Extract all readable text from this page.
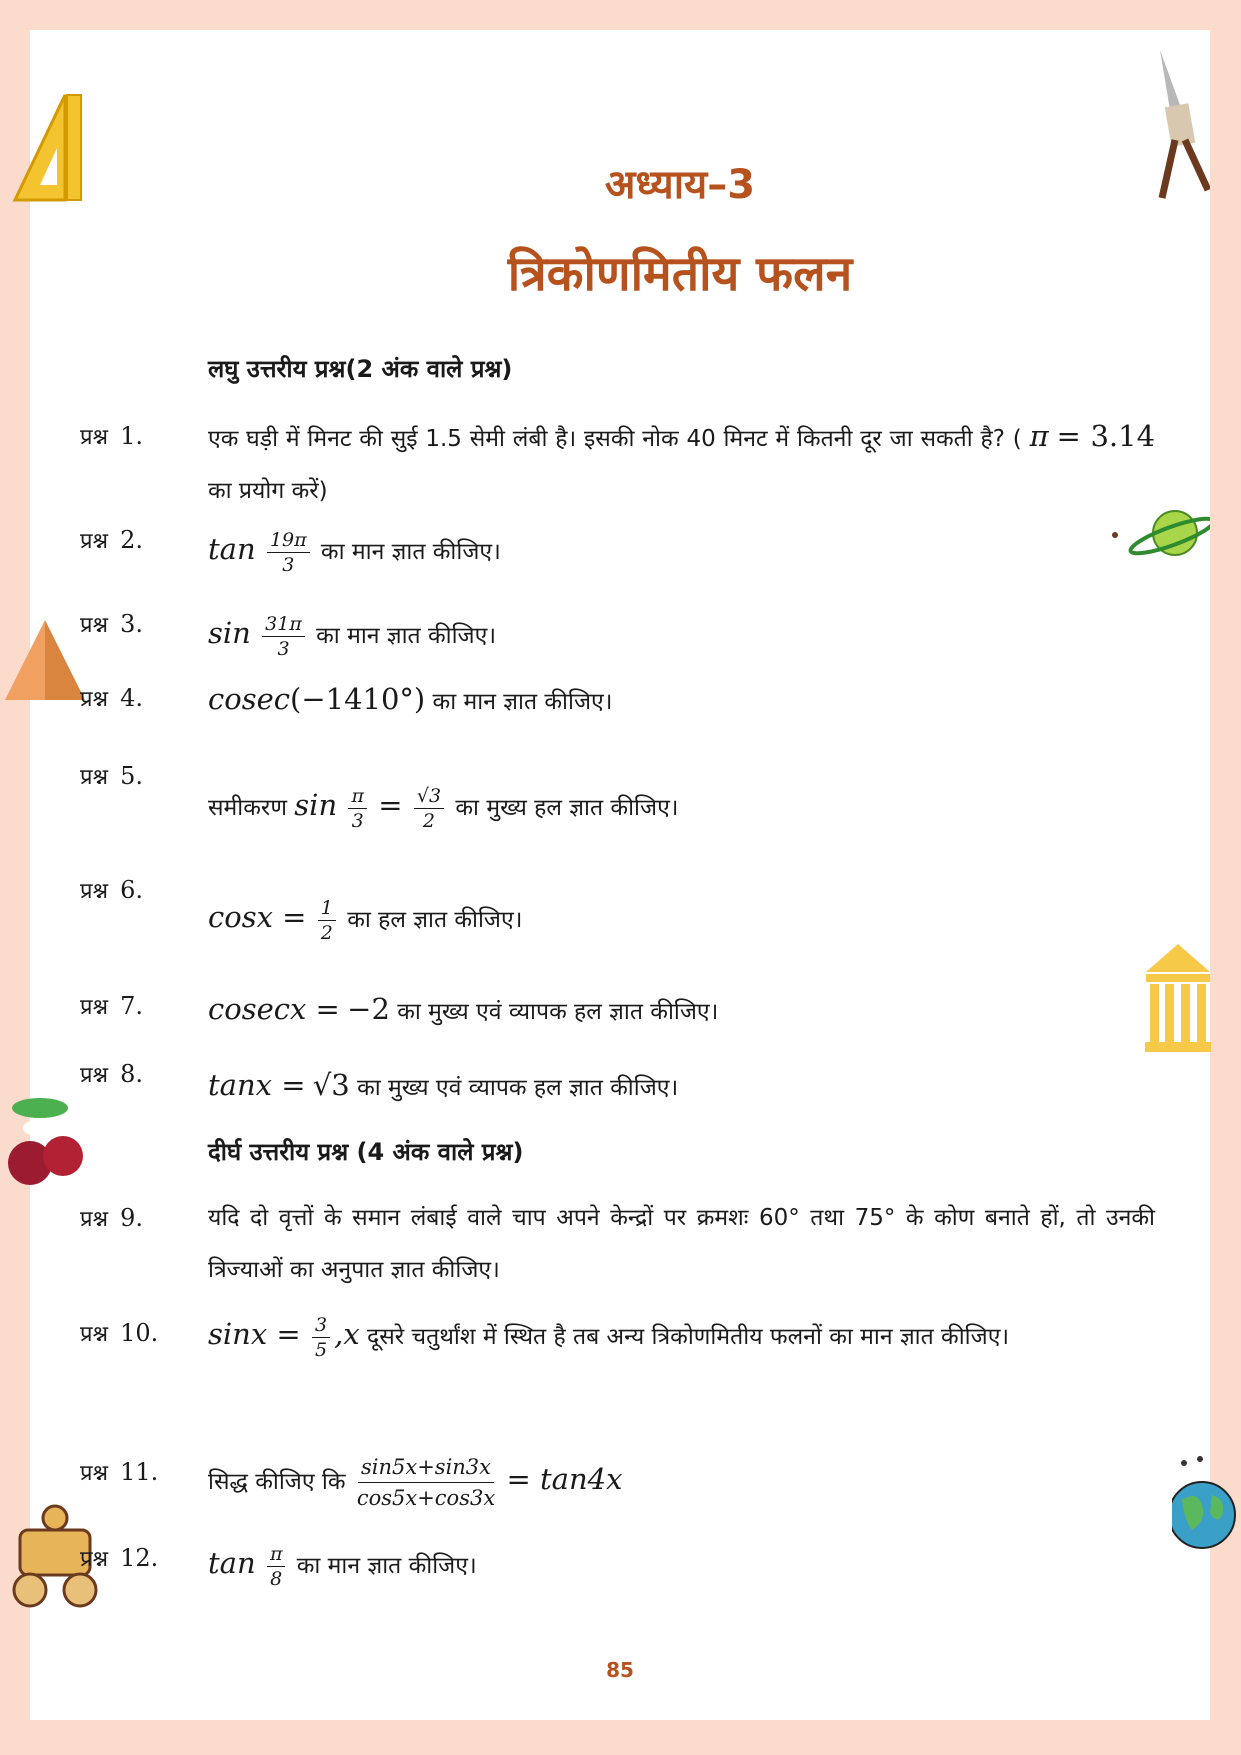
अध्याय–3
त्रिकोणमितीय फलन
लघु उत्तरीय प्रश्न(2 अंक वाले प्रश्न)
प्रश्न 1.	एक घड़ी में मिनट की सुई 1.5 सेमी लंबी है। इसकी नोक 40 मिनट में कितनी दूर जा सकती है? ( π = 3.14 का प्रयोग करें)
प्रश्न 2.	$\tan \frac{19\pi}{3}$ का मान ज्ञात कीजिए।
प्रश्न 3.	$\sin \frac{31\pi}{3}$ का मान ज्ञात कीजिए।
प्रश्न 4.	cosec(−1410°) का मान ज्ञात कीजिए।
प्रश्न 5.
समीकरण $\sin \frac{\pi}{3} = \frac{√3}{2}$ का मुख्य हल ज्ञात कीजिए।
प्रश्न 6.
$\cos x = \frac{1}{2}$ का हल ज्ञात कीजिए।
प्रश्न 7.	cosecx = −2 का मुख्य एवं व्यापक हल ज्ञात कीजिए।
प्रश्न 8.	tanx = √3 का मुख्य एवं व्यापक हल ज्ञात कीजिए।
दीर्घ उत्तरीय प्रश्न (4 अंक वाले प्रश्न)
प्रश्न 9.	यदि दो वृत्तों के समान लंबाई वाले चाप अपने केन्द्रों पर क्रमशः 60° तथा 75° के कोण बनाते हों, तो उनकी त्रिज्याओं का अनुपात ज्ञात कीजिए।
प्रश्न 10.	$\sin x = \frac{3}{5} ,x$ दूसरे चतुर्थांश में स्थित है तब अन्य त्रिकोणमितीय फलनों का मान ज्ञात कीजिए।
प्रश्न 11.	सिद्ध कीजिए कि $\frac{\sin 5x+\sin 3x}{\cos 5x+\cos 3x} = \tan 4x$
प्रश्न 12.	$\tan \frac{\pi}{8}$ का मान ज्ञात कीजिए।
85
